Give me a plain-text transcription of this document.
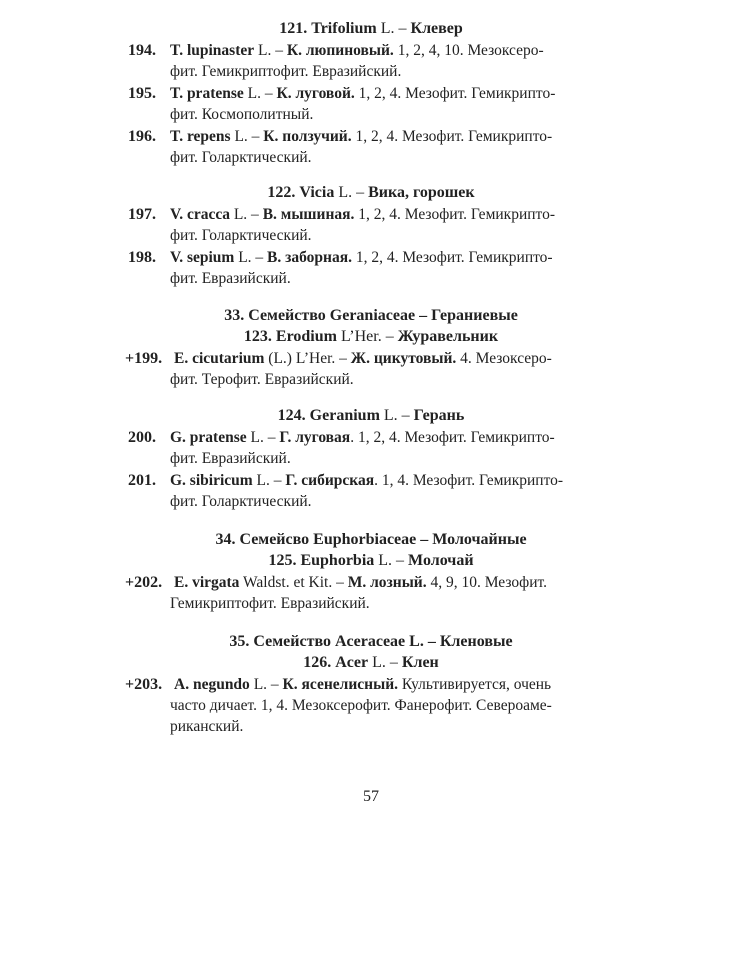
121. Trifolium L. – Клевер
194. T. lupinaster L. – К. люпиновый. 1, 2, 4, 10. Мезоксеро-
фит. Гемикриптофит. Евразийский.
195. T. pratense L. – К. луговой. 1, 2, 4. Мезофит. Гемикрипто-
фит. Космополитный.
196. T. repens L. – К. ползучий. 1, 2, 4. Мезофит. Гемикрипто-
фит. Голарктический.
122. Vicia L. – Вика, горошек
197. V. cracca L. – В. мышиная. 1, 2, 4. Мезофит. Гемикрипто-
фит. Голарктический.
198. V. sepium L. – В. заборная. 1, 2, 4. Мезофит. Гемикрипто-
фит. Евразийский.
33. Семейство Geraniaceae – Гераниевые
123. Erodium L’Her. – Журавельник
+199. E. cicutarium (L.) L’Her. – Ж. цикутовый. 4. Мезоксеро-
фит. Терофит. Евразийский.
124. Geranium L. – Герань
200. G. pratense L. – Г. луговая. 1, 2, 4. Мезофит. Гемикрипто-
фит. Евразийский.
201. G. sibiricum L. – Г. сибирская. 1, 4. Мезофит. Гемикрипто-
фит. Голарктический.
34. Семейсво Euphorbiaceae – Молочайные
125. Euphorbia L. – Молочай
+202. E. virgata Waldst. et Kit. – М. лозный. 4, 9, 10. Мезофит.
Гемикриптофит. Евразийский.
35. Семейство Aceraceae L. – Кленовые
126. Acer L. – Клен
+203. A. negundo L. – К. ясенелисный. Культивируется, очень
часто дичает. 1, 4. Мезоксерофит. Фанерофит. Североаме-
риканский.
57
